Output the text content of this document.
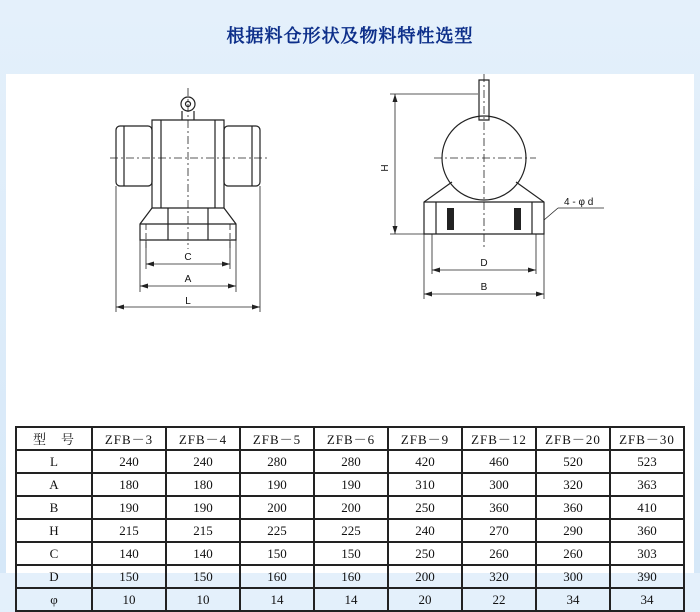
根据料仓形状及物料特性选型
C
A
L
H
D
B
4 - φ d
型　号	ZFB－3	ZFB－4	ZFB－5	ZFB－6	ZFB－9	ZFB－12	ZFB－20	ZFB－30
L	240	240	280	280	420	460	520	523
A	180	180	190	190	310	300	320	363
B	190	190	200	200	250	360	360	410
H	215	215	225	225	240	270	290	360
C	140	140	150	150	250	260	260	303
D	150	150	160	160	200	320	300	390
φ	10	10	14	14	20	22	34	34
